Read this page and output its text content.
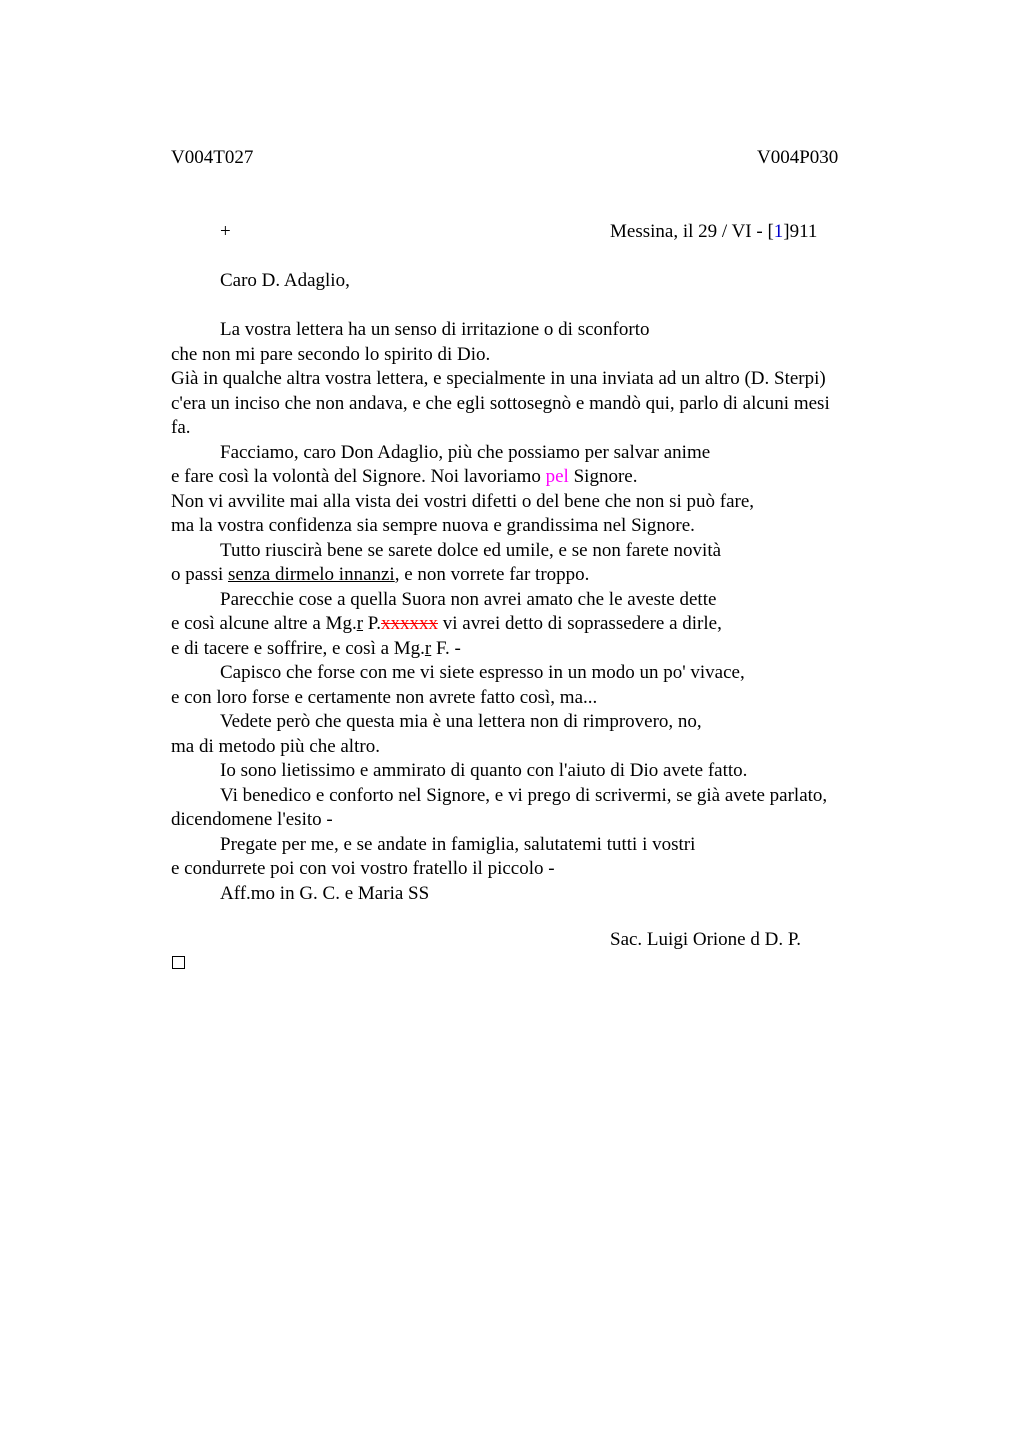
V004T027	V004P030
+	Messina, il 29 / VI - [1]911
Caro D. Adaglio,
La vostra lettera ha un senso di irritazione o di sconforto
che non mi pare secondo lo spirito di Dio.
Già in qualche altra vostra lettera, e specialmente in una inviata ad un altro (D. Sterpi)
c'era un inciso che non andava, e che egli sottosegnò e mandò qui, parlo di alcuni mesi
fa.
Facciamo, caro Don Adaglio, più che possiamo per salvar anime
e fare così la volontà del Signore. Noi lavoriamo pel Signore.
Non vi avvilite mai alla vista dei vostri difetti o del bene che non si può fare,
ma la vostra confidenza sia sempre nuova e grandissima nel Signore.
Tutto riuscirà bene se sarete dolce ed umile, e se non farete novità
o passi senza dirmelo innanzi, e non vorrete far troppo.
Parecchie cose a quella Suora non avrei amato che le aveste dette
e così alcune altre a Mg.r P.xxxxxx vi avrei detto di soprassedere a dirle,
e di tacere e soffrire, e così a Mg.r F. -
Capisco che forse con me vi siete espresso in un modo un po' vivace,
e con loro forse e certamente non avrete fatto così, ma...
Vedete però che questa mia è una lettera non di rimprovero, no,
ma di metodo più che altro.
Io sono lietissimo e ammirato di quanto con l'aiuto di Dio avete fatto.
Vi benedico e conforto nel Signore, e vi prego di scrivermi, se già avete parlato,
dicendomene l'esito -
Pregate per me, e se andate in famiglia, salutatemi tutti i vostri
e condurrete poi con voi vostro fratello il piccolo -
Aff.mo in G. C. e Maria SS
Sac. Luigi Orione d D. P.
